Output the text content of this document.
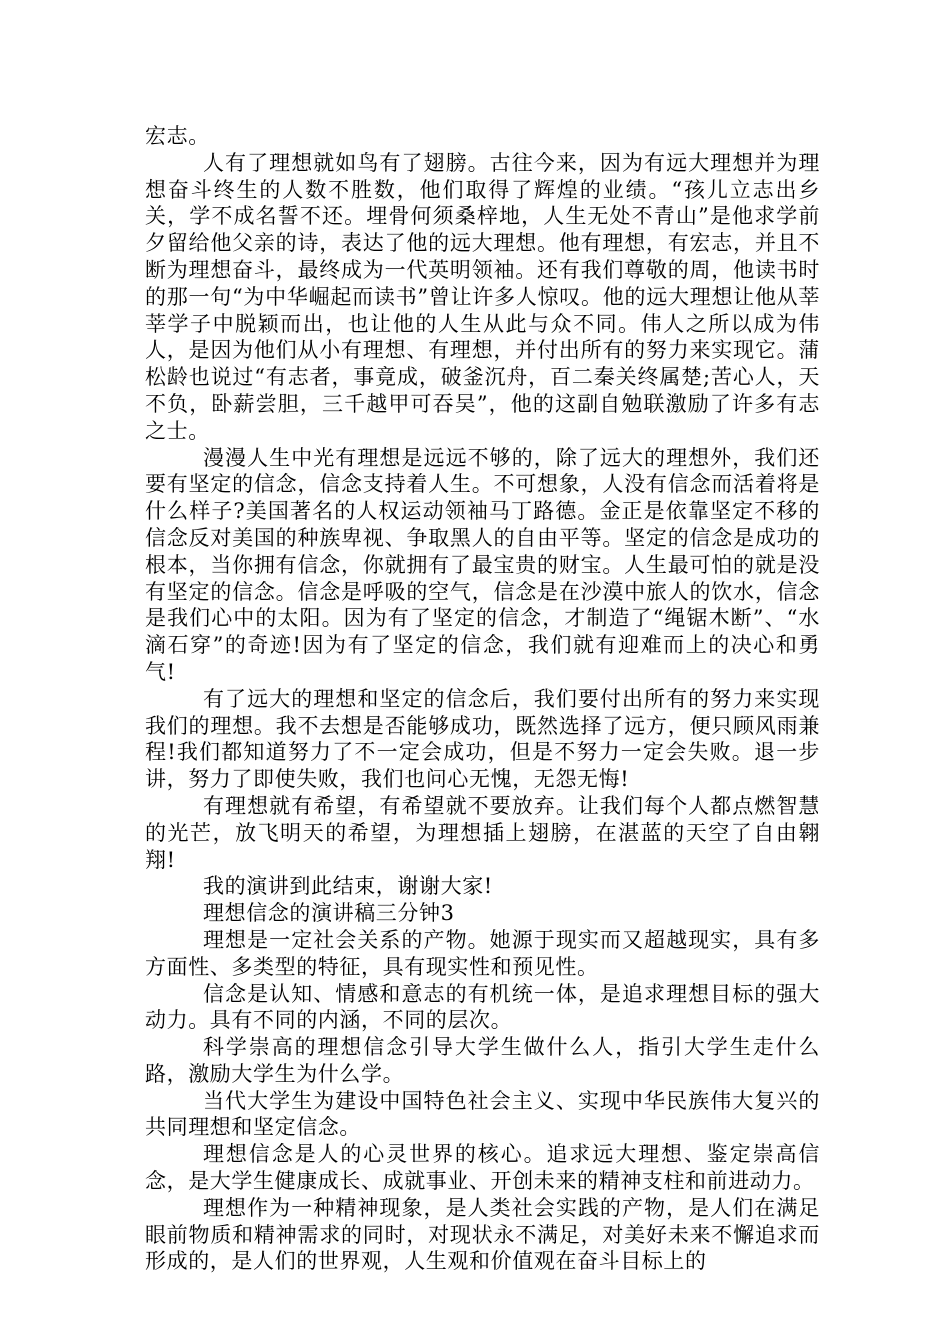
宏志。

人有了理想就如鸟有了翅膀。古往今来，因为有远大理想并为理想奋斗终生的人数不胜数，他们取得了辉煌的业绩。“孩儿立志出乡关，学不成名誓不还。埋骨何须桑梓地，人生无处不青山”是他求学前夕留给他父亲的诗，表达了他的远大理想。他有理想，有宏志，并且不断为理想奋斗，最终成为一代英明领袖。还有我们尊敬的周，他读书时的那一句“为中华崛起而读书”曾让许多人惊叹。他的远大理想让他从莘莘学子中脱颖而出，也让他的人生从此与众不同。伟人之所以成为伟人，是因为他们从小有理想、有理想，并付出所有的努力来实现它。蒲松龄也说过“有志者，事竟成，破釜沉舟，百二秦关终属楚;苦心人，天不负，卧薪尝胆，三千越甲可吞吴”，他的这副自勉联激励了许多有志之士。

漫漫人生中光有理想是远远不够的，除了远大的理想外，我们还要有坚定的信念，信念支持着人生。不可想象，人没有信念而活着将是什么样子?美国著名的人权运动领袖马丁路德。金正是依靠坚定不移的信念反对美国的种族卑视、争取黑人的自由平等。坚定的信念是成功的根本，当你拥有信念，你就拥有了最宝贵的财宝。人生最可怕的就是没有坚定的信念。信念是呼吸的空气，信念是在沙漠中旅人的饮水，信念是我们心中的太阳。因为有了坚定的信念，才制造了“绳锯木断”、“水滴石穿”的奇迹!因为有了坚定的信念，我们就有迎难而上的决心和勇气!

有了远大的理想和坚定的信念后，我们要付出所有的努力来实现我们的理想。我不去想是否能够成功，既然选择了远方，便只顾风雨兼程!我们都知道努力了不一定会成功，但是不努力一定会失败。退一步讲，努力了即使失败，我们也问心无愧，无怨无悔!

有理想就有希望，有希望就不要放弃。让我们每个人都点燃智慧的光芒，放飞明天的希望，为理想插上翅膀，在湛蓝的天空了自由翱翔!

我的演讲到此结束，谢谢大家!

理想信念的演讲稿三分钟3

理想是一定社会关系的产物。她源于现实而又超越现实，具有多方面性、多类型的特征，具有现实性和预见性。

信念是认知、情感和意志的有机统一体，是追求理想目标的强大动力。具有不同的内涵，不同的层次。

科学崇高的理想信念引导大学生做什么人，指引大学生走什么路，激励大学生为什么学。

当代大学生为建设中国特色社会主义、实现中华民族伟大复兴的共同理想和坚定信念。

理想信念是人的心灵世界的核心。追求远大理想、鉴定崇高信念，是大学生健康成长、成就事业、开创未来的精神支柱和前进动力。

理想作为一种精神现象，是人类社会实践的产物，是人们在满足眼前物质和精神需求的同时，对现状永不满足，对美好未来不懈追求而形成的，是人们的世界观，人生观和价值观在奋斗目标上的
